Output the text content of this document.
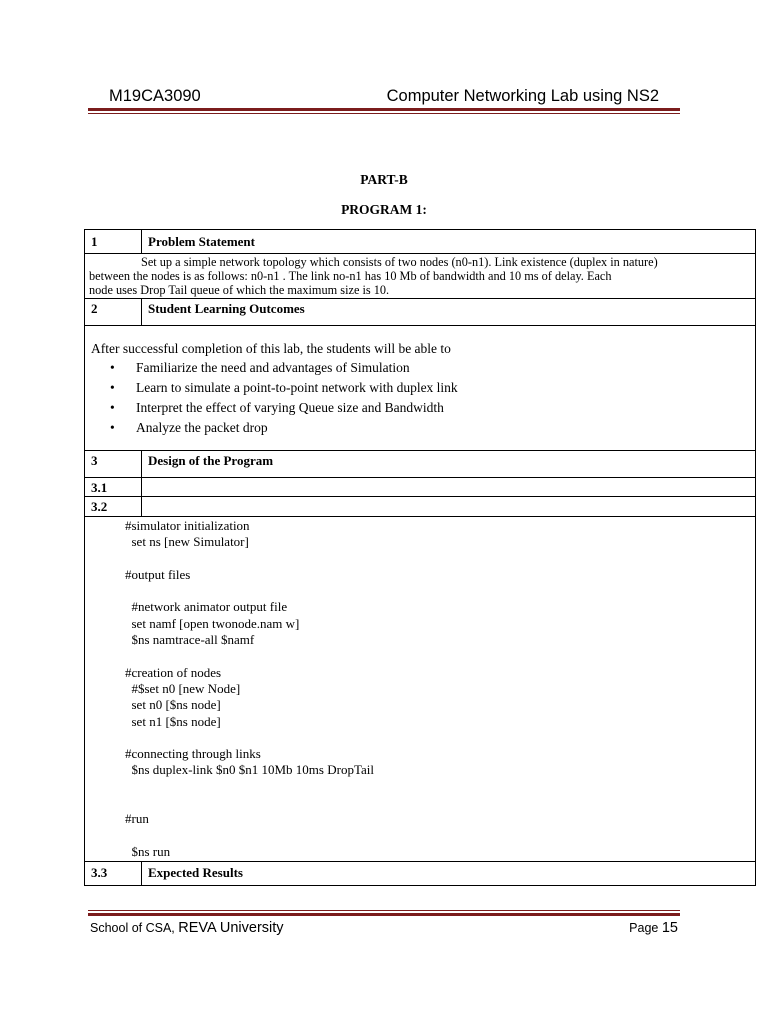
M19CA3090	Computer Networking Lab using NS2
PART-B
PROGRAM 1:
1	Problem Statement
Set up a simple network topology which consists of two nodes (n0-n1). Link existence (duplex in nature)
between the nodes is as follows: n0-n1 . The link no-n1 has 10 Mb of bandwidth and 10 ms of delay. Each
node uses Drop Tail queue of which the maximum size is 10.
2	Student Learning Outcomes
After successful completion of this lab, the students will be able to
• Familiarize the need and advantages of Simulation
• Learn to simulate a point-to-point network with duplex link
• Interpret the effect of varying Queue size and Bandwidth
• Analyze the packet drop
3	Design of the Program
3.1
3.2
#simulator initialization
set ns [new Simulator]

#output files

#network animator output file
set namf [open twonode.nam w]
$ns namtrace-all $namf

#creation of nodes
#$set n0 [new Node]
set n0 [$ns node]
set n1 [$ns node]

#connecting through links
$ns duplex-link $n0 $n1 10Mb 10ms DropTail

#run

$ns run
3.3	Expected Results
School of CSA, REVA University	Page 15
